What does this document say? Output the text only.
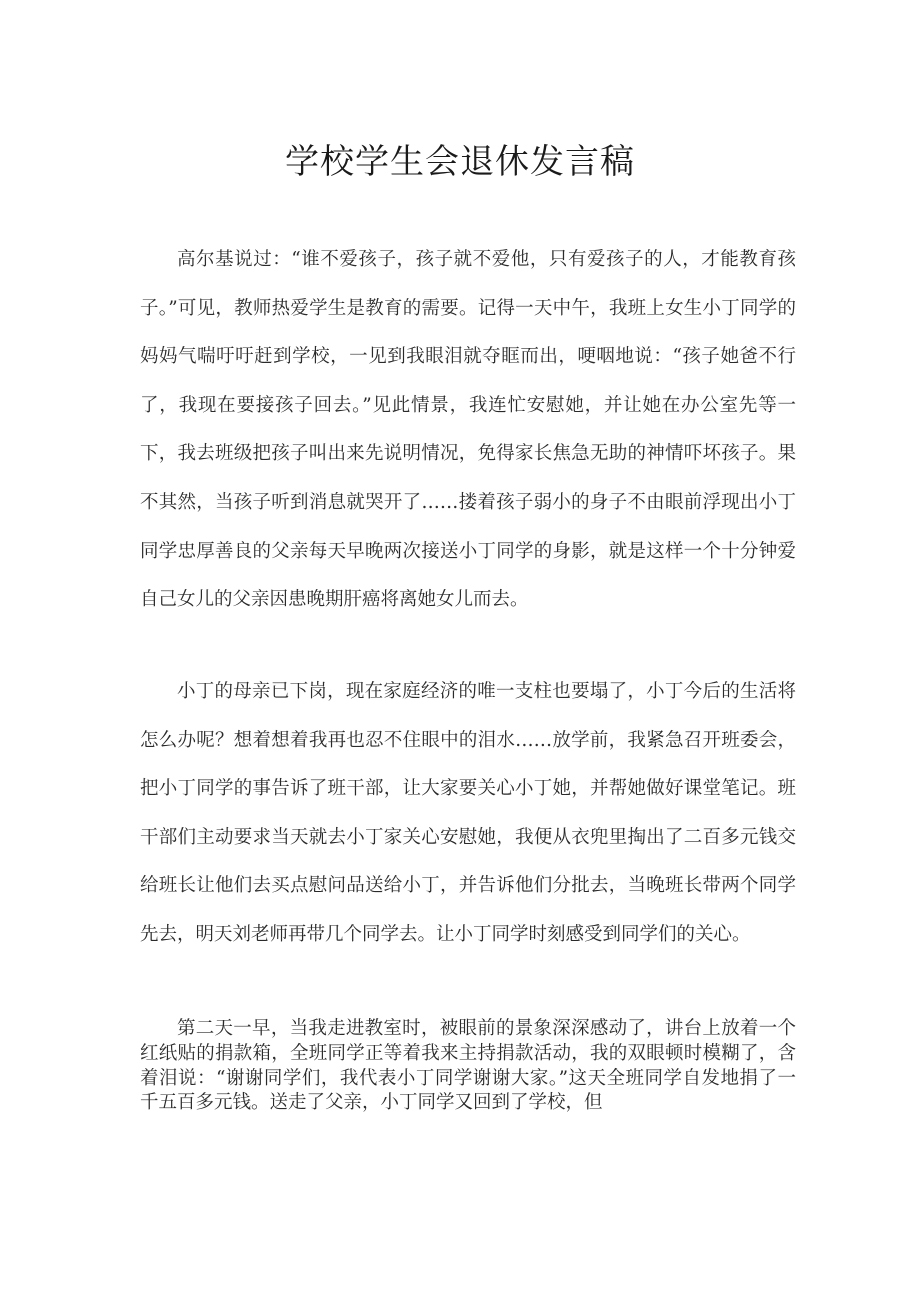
学校学生会退休发言稿

高尔基说过：“谁不爱孩子，孩子就不爱他，只有爱孩子的人，才能教育孩子。”可见，教师热爱学生是教育的需要。记得一天中午，我班上女生小丁同学的妈妈气喘吁吁赶到学校，一见到我眼泪就夺眶而出，哽咽地说：“孩子她爸不行了，我现在要接孩子回去。”见此情景，我连忙安慰她，并让她在办公室先等一下，我去班级把孩子叫出来先说明情况，免得家长焦急无助的神情吓坏孩子。果不其然，当孩子听到消息就哭开了……搂着孩子弱小的身子不由眼前浮现出小丁同学忠厚善良的父亲每天早晚两次接送小丁同学的身影，就是这样一个十分钟爱自己女儿的父亲因患晚期肝癌将离她女儿而去。

小丁的母亲已下岗，现在家庭经济的唯一支柱也要塌了，小丁今后的生活将怎么办呢？想着想着我再也忍不住眼中的泪水……放学前，我紧急召开班委会，把小丁同学的事告诉了班干部，让大家要关心小丁她，并帮她做好课堂笔记。班干部们主动要求当天就去小丁家关心安慰她，我便从衣兜里掏出了二百多元钱交给班长让他们去买点慰问品送给小丁，并告诉他们分批去，当晚班长带两个同学先去，明天刘老师再带几个同学去。让小丁同学时刻感受到同学们的关心。

第二天一早，当我走进教室时，被眼前的景象深深感动了，讲台上放着一个红纸贴的捐款箱，全班同学正等着我来主持捐款活动，我的双眼顿时模糊了，含着泪说：“谢谢同学们，我代表小丁同学谢谢大家。”这天全班同学自发地捐了一千五百多元钱。送走了父亲，小丁同学又回到了学校，但
